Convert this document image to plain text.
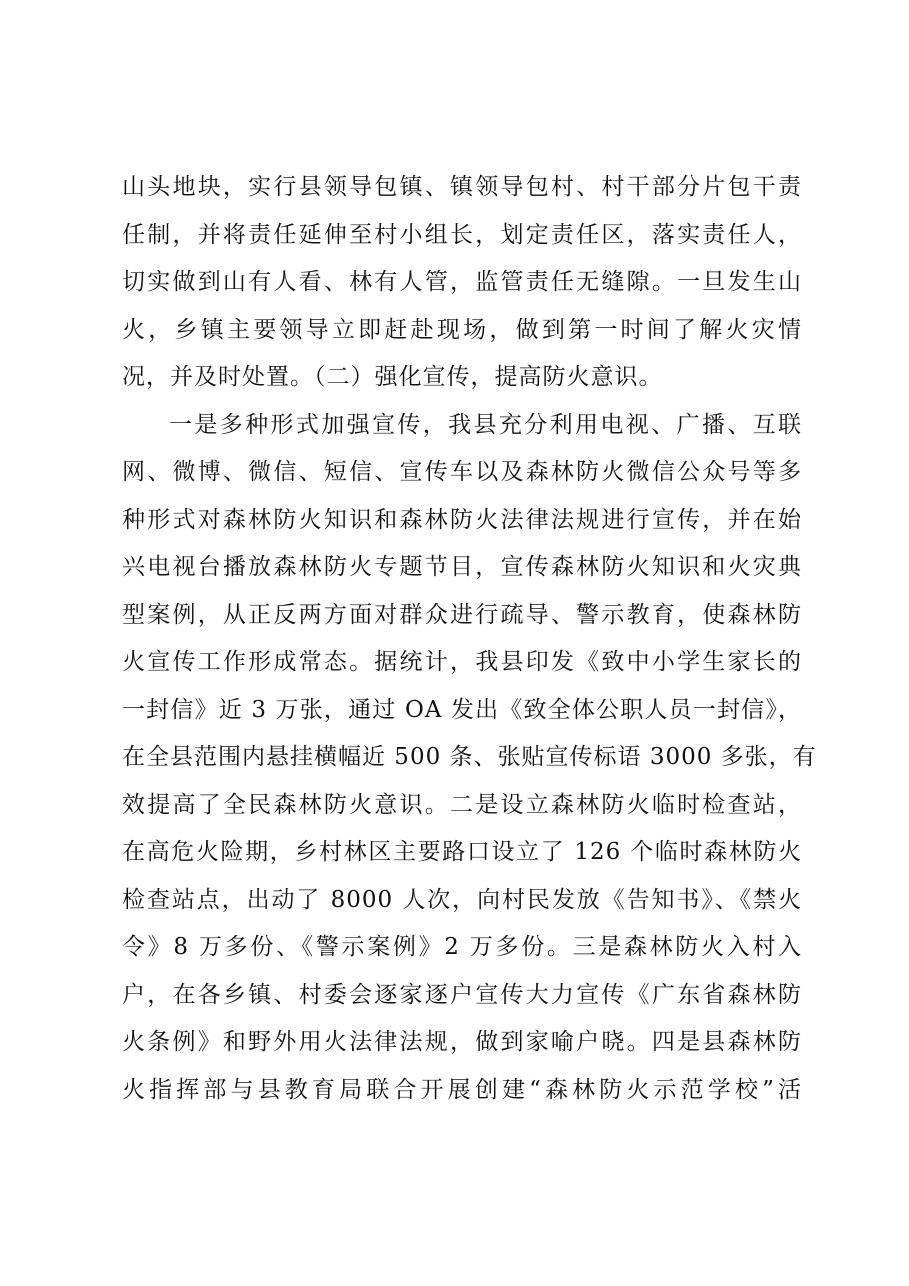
山头地块，实行县领导包镇、镇领导包村、村干部分片包干责
任制，并将责任延伸至村小组长，划定责任区，落实责任人，
切实做到山有人看、林有人管，监管责任无缝隙。一旦发生山
火，乡镇主要领导立即赶赴现场，做到第一时间了解火灾情
况，并及时处置。（二）强化宣传，提高防火意识。
一是多种形式加强宣传，我县充分利用电视、广播、互联
网、微博、微信、短信、宣传车以及森林防火微信公众号等多
种形式对森林防火知识和森林防火法律法规进行宣传，并在始
兴电视台播放森林防火专题节目，宣传森林防火知识和火灾典
型案例，从正反两方面对群众进行疏导、警示教育，使森林防
火宣传工作形成常态。据统计，我县印发《致中小学生家长的
一封信》近 3 万张，通过 OA 发出《致全体公职人员一封信》，
在全县范围内悬挂横幅近 500 条、张贴宣传标语 3000 多张，有
效提高了全民森林防火意识。二是设立森林防火临时检查站，
在高危火险期，乡村林区主要路口设立了 126 个临时森林防火
检查站点，出动了 8000 人次，向村民发放《告知书》、《禁火
令》8 万多份、《警示案例》2 万多份。三是森林防火入村入
户，在各乡镇、村委会逐家逐户宣传大力宣传《广东省森林防
火条例》和野外用火法律法规，做到家喻户晓。四是县森林防
火指挥部与县教育局联合开展创建“森林防火示范学校”活
